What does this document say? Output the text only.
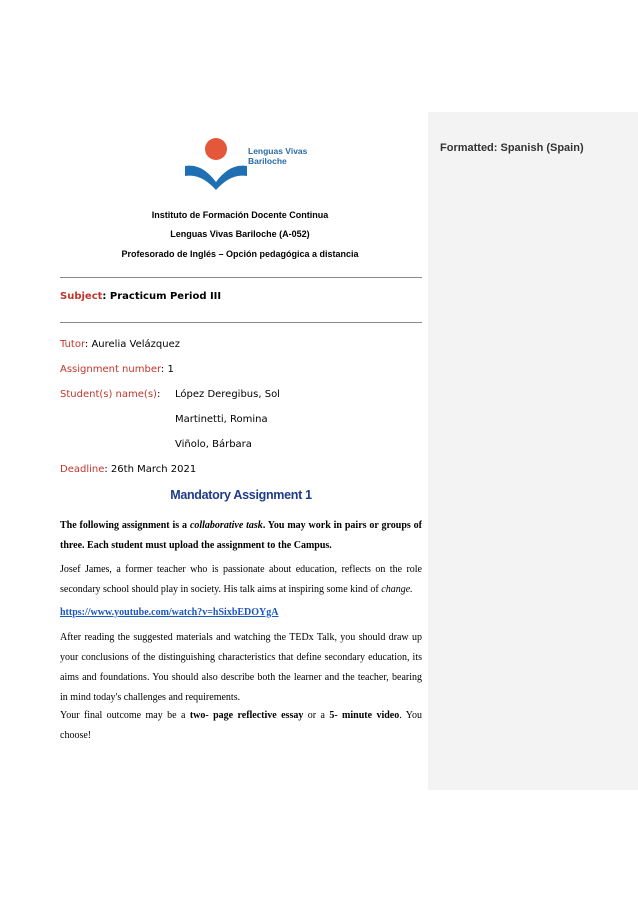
Formatted: Spanish (Spain)
Lenguas Vivas
Bariloche
Instituto de Formación Docente Continua
Lenguas Vivas Bariloche (A-052)
Profesorado de Inglés – Opción pedagógica a distancia
Subject: Practicum Period III
Tutor: Aurelia Velázquez
Assignment number: 1
Student(s) name(s): López Deregibus, Sol
Martinetti, Romina
Viñolo, Bárbara
Deadline: 26th March 2021
Mandatory Assignment 1
The following assignment is a collaborative task. You may work in pairs or groups of three. Each student must upload the assignment to the Campus.
Josef James, a former teacher who is passionate about education, reflects on the role secondary school should play in society. His talk aims at inspiring some kind of change.
https://www.youtube.com/watch?v=hSixbEDOYgA
After reading the suggested materials and watching the TEDx Talk, you should draw up your conclusions of the distinguishing characteristics that define secondary education, its aims and foundations. You should also describe both the learner and the teacher, bearing in mind today's challenges and requirements.
Your final outcome may be a two- page reflective essay or a 5- minute video. You choose!
